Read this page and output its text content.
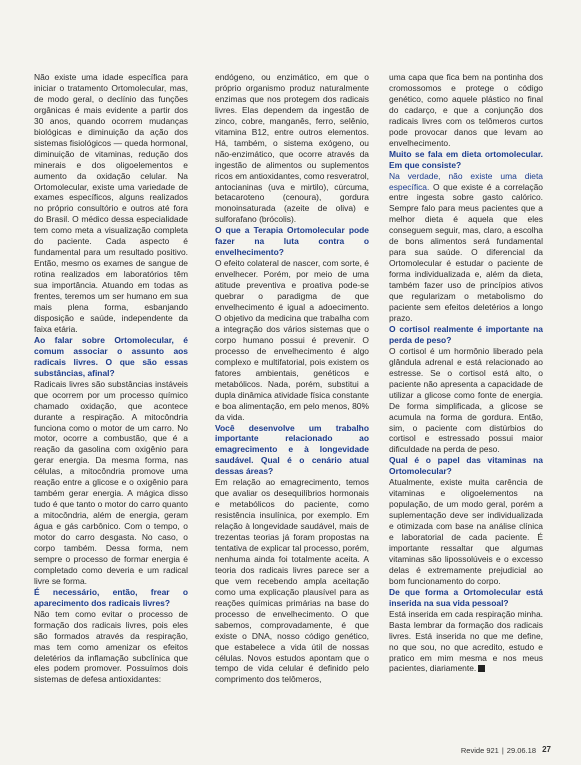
Não existe uma idade específica para iniciar o tratamento Ortomolecular, mas, de modo geral, o declínio das funções orgânicas é mais evidente a partir dos 30 anos, quando ocorrem mudanças biológicas e diminuição da ação dos sistemas fisiológicos — queda hormonal, diminuição de vitaminas, redução dos minerais e dos oligoelementos e aumento da oxidação celular. Na Ortomolecular, existe uma variedade de exames específicos, alguns realizados no próprio consultório e outros até fora do Brasil. O médico dessa especialidade tem como meta a visualização completa do paciente. Cada aspecto é fundamental para um resultado positivo. Então, mesmo os exames de sangue de rotina realizados em laboratórios têm sua importância. Atuando em todas as frentes, teremos um ser humano em sua mais plena forma, esbanjando disposição e saúde, independente da faixa etária.

Ao falar sobre Ortomolecular, é comum associar o assunto aos radicais livres. O que são essas substâncias, afinal?

Radicais livres são substâncias instáveis que ocorrem por um processo químico chamado oxidação, que acontece durante a respiração. A mitocôndria funciona como o motor de um carro. No motor, ocorre a combustão, que é a reação da gasolina com oxigênio para gerar energia. Da mesma forma, nas células, a mitocôndria promove uma reação entre a glicose e o oxigênio para também gerar energia. A mágica disso tudo é que tanto o motor do carro quanto a mitocôndria, além de energia, geram água e gás carbônico. Com o tempo, o motor do carro desgasta. No caso, o corpo também. Dessa forma, nem sempre o processo de formar energia é completado como deveria e um radical livre se forma.

É necessário, então, frear o aparecimento dos radicais livres?

Não tem como evitar o processo de formação dos radicais livres, pois eles são formados através da respiração, mas tem como amenizar os efeitos deletérios da inflamação subclínica que eles podem promover. Possuímos dois sistemas de defesa antioxidantes:

endógeno, ou enzimático, em que o próprio organismo produz naturalmente enzimas que nos protegem dos radicais livres. Elas dependem da ingestão de zinco, cobre, manganês, ferro, selênio, vitamina B12, entre outros elementos. Há, também, o sistema exógeno, ou não-enzimático, que ocorre através da ingestão de alimentos ou suplementos ricos em antioxidantes, como resveratrol, antocianinas (uva e mirtilo), cúrcuma, betacaroteno (cenoura), gordura monoinsaturada (azeite de oliva) e sulforafano (brócolis).

O que a Terapia Ortomolecular pode fazer na luta contra o envelhecimento?

O efeito colateral de nascer, com sorte, é envelhecer. Porém, por meio de uma atitude preventiva e proativa pode-se quebrar o paradigma de que envelhecimento é igual a adoecimento. O objetivo da medicina que trabalha com a integração dos vários sistemas que o corpo humano possui é prevenir. O processo de envelhecimento é algo complexo e multifatorial, pois existem os fatores ambientais, genéticos e metabólicos. Nada, porém, substitui a dupla dinâmica atividade física constante e boa alimentação, em pelo menos, 80% da vida.

Você desenvolve um trabalho importante relacionado ao emagrecimento e à longevidade saudável. Qual é o cenário atual dessas áreas?

Em relação ao emagrecimento, temos que avaliar os desequilíbrios hormonais e metabólicos do paciente, como resistência insulínica, por exemplo. Em relação à longevidade saudável, mais de trezentas teorias já foram propostas na tentativa de explicar tal processo, porém, nenhuma ainda foi totalmente aceita. A teoria dos radicais livres parece ser a que vem recebendo ampla aceitação como uma explicação plausível para as reações químicas primárias na base do processo de envelhecimento. O que sabemos, comprovadamente, é que existe o DNA, nosso código genético, que estabelece a vida útil de nossas células. Novos estudos apontam que o tempo de vida celular é definido pelo comprimento dos telômeros,

uma capa que fica bem na pontinha dos cromossomos e protege o código genético, como aquele plástico no final do cadarço, e que a conjunção dos radicais livres com os telômeros curtos pode provocar danos que levam ao envelhecimento.

Muito se fala em dieta ortomolecular. Em que consiste?

Na verdade, não existe uma dieta específica. O que existe é a correlação entre ingesta sobre gasto calórico. Sempre falo para meus pacientes que a melhor dieta é aquela que eles conseguem seguir, mas, claro, a escolha de bons alimentos será fundamental para sua saúde. O diferencial da Ortomolecular é estudar o paciente de forma individualizada e, além da dieta, também fazer uso de princípios ativos que regularizam o metabolismo do paciente sem efeitos deletérios a longo prazo.

O cortisol realmente é importante na perda de peso?

O cortisol é um hormônio liberado pela glândula adrenal e está relacionado ao estresse. Se o cortisol está alto, o paciente não apresenta a capacidade de utilizar a glicose como fonte de energia. De forma simplificada, a glicose se acumula na forma de gordura. Então, sim, o paciente com distúrbios do cortisol e estressado possui maior dificuldade na perda de peso.

Qual é o papel das vitaminas na Ortomolecular?

Atualmente, existe muita carência de vitaminas e oligoelementos na população, de um modo geral, porém a suplementação deve ser individualizada e otimizada com base na análise clínica e laboratorial de cada paciente. É importante ressaltar que algumas vitaminas são lipossolúveis e o excesso delas é extremamente prejudicial ao bom funcionamento do corpo.

De que forma a Ortomolecular está inserida na sua vida pessoal?

Está inserida em cada respiração minha. Basta lembrar da formação dos radicais livres. Está inserida no que me define, no que sou, no que acredito, estudo e pratico em mim mesma e nos meus pacientes, diariamente.

Revide 921 | 29.06.18 27
